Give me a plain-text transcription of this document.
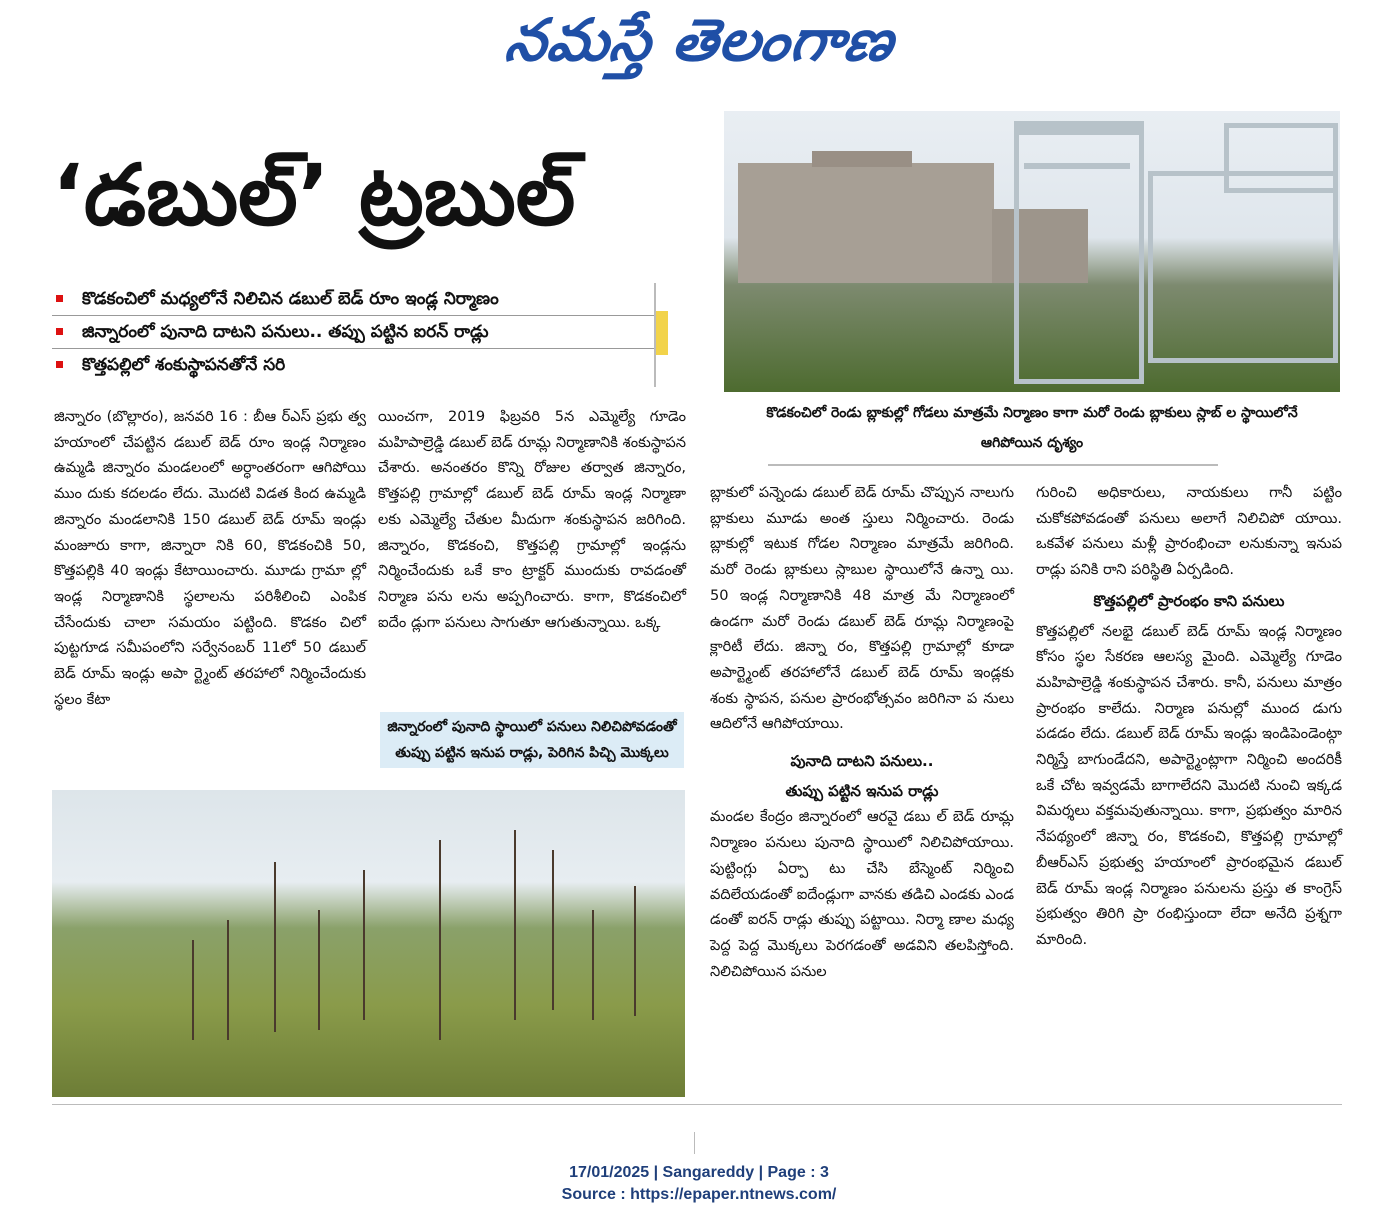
నమస్తే తెలంగాణ
‘డబుల్’ ట్రబుల్
కొడకంచిలో మధ్యలోనే నిలిచిన డబుల్ బెడ్ రూం ఇండ్ల నిర్మాణం
జిన్నారంలో పునాది దాటని పనులు.. తప్పు పట్టిన ఐరన్ రాడ్లు
కొత్తపల్లిలో శంకుస్థాపనతోనే సరి
కొడకంచిలో రెండు బ్లాకుల్లో గోడలు మాత్రమే నిర్మాణం కాగా మరో రెండు బ్లాకులు స్లాబ్ ల స్థాయిలోనే ఆగిపోయిన దృశ్యం

జిన్నారం (బొల్లారం), జనవరి 16 : బీఆ ర్ఎస్ ప్రభు త్వ హయాంలో చేపట్టిన డబుల్ బెడ్ రూం ఇండ్ల నిర్మాణం ఉమ్మడి జిన్నారం మండలంలో అర్ధాంతరంగా ఆగిపోయి ముం దుకు కదలడం లేదు. మొదటి విడత కింద ఉమ్మడి జిన్నారం మండలానికి 150 డబుల్ బెడ్ రూమ్ ఇండ్లు మంజూరు కాగా, జిన్నారా నికి 60, కొడకంచికి 50, కొత్తపల్లికి 40 ఇండ్లు కేటాయించారు. మూడు గ్రామా ల్లో ఇండ్ల నిర్మాణానికి స్థలాలను పరిశీలించి ఎంపిక చేసేందుకు చాలా సమయం పట్టింది. కొడకం చిలో పుట్టగూడ సమీపంలోని సర్వేనంబర్ 11లో 50 డబుల్ బెడ్ రూమ్ ఇండ్లు అపా ర్ట్మెంట్ తరహాలో నిర్మించేందుకు స్థలం కేటా

యించగా, 2019 ఫిబ్రవరి 5న ఎమ్మెల్యే గూడెం మహిపాల్రెడ్డి డబుల్ బెడ్ రూమ్ల నిర్మాణానికి శంకుస్థాపన చేశారు. అనంతరం కొన్ని రోజుల తర్వాత జిన్నారం, కొత్తపల్లి గ్రామాల్లో డబుల్ బెడ్ రూమ్ ఇండ్ల నిర్మాణా లకు ఎమ్మెల్యే చేతుల మీదుగా శంకుస్థాపన జరిగింది. జిన్నారం, కొడకంచి, కొత్తపల్లి గ్రామాల్లో ఇండ్లను నిర్మించేందుకు ఒకే కాం ట్రాక్టర్ ముందుకు రావడంతో నిర్మాణ పను లను అప్పగించారు. కాగా, కొడకంచిలో ఐదేం డ్లుగా పనులు సాగుతూ ఆగుతున్నాయి. ఒక్క

జిన్నారంలో పునాది స్థాయిలో పనులు నిలిచిపోవడంతో తుప్పు పట్టిన ఇనుప రాడ్లు, పెరిగిన పిచ్చి మొక్కలు

బ్లాకులో పన్నెండు డబుల్ బెడ్ రూమ్ చొప్పున నాలుగు బ్లాకులు మూడు అంత స్తులు నిర్మించారు. రెండు బ్లాకుల్లో ఇటుక గోడల నిర్మాణం మాత్రమే జరిగింది. మరో రెండు బ్లాకులు స్లాబుల స్థాయిలోనే ఉన్నా యి. 50 ఇండ్ల నిర్మాణానికి 48 మాత్ర మే నిర్మాణంలో ఉండగా మరో రెండు డబుల్ బెడ్ రూమ్ల నిర్మాణంపై క్లారిటీ లేదు. జిన్నా రం, కొత్తపల్లి గ్రామాల్లో కూడా అపార్ట్మెంట్ తరహాలోనే డబుల్ బెడ్ రూమ్ ఇండ్లకు శంకు స్థాపన, పనుల ప్రారంభోత్సవం జరిగినా ప నులు ఆదిలోనే ఆగిపోయాయి.

పునాది దాటని పనులు..

తుప్పు పట్టిన ఇనుప రాడ్లు

మండల కేంద్రం జిన్నారంలో ఆరవై డబు ల్ బెడ్ రూమ్ల నిర్మాణం పనులు పునాది స్థాయిలో నిలిచిపోయాయి. పుట్టింగ్లు ఏర్పా టు చేసి బేస్మెంట్ నిర్మించి వదిలేయడంతో ఐదేండ్లుగా వానకు తడిచి ఎండకు ఎండ డంతో ఐరన్ రాడ్లు తుప్పు పట్టాయి. నిర్మా ణాల మధ్య పెద్ద పెద్ద మొక్కలు పెరగడంతో అడవిని తలపిస్తోంది. నిలిచిపోయిన పనుల

గురించి అధికారులు, నాయకులు గానీ పట్టిం చుకోకపోవడంతో పనులు అలాగే నిలిచిపో యాయి. ఒకవేళ పనులు మళ్లీ ప్రారంభించా లనుకున్నా ఇనుప రాడ్లు పనికి రాని పరిస్థితి ఏర్పడింది.

కొత్తపల్లిలో ప్రారంభం కాని పనులు

కొత్తపల్లిలో నలభై డబుల్ బెడ్ రూమ్ ఇండ్ల నిర్మాణం కోసం స్థల సేకరణ ఆలస్య మైంది. ఎమ్మెల్యే గూడెం మహిపాల్రెడ్డి శంకుస్థాపన చేశారు. కానీ, పనులు మాత్రం ప్రారంభం కాలేదు. నిర్మాణ పనుల్లో ముంద డుగు పడడం లేదు. డబుల్ బెడ్ రూమ్ ఇండ్లు ఇండిపెండెంట్గా నిర్మిస్తే బాగుండేదని, అపార్ట్మెంట్లాగా నిర్మించి అందరికీ ఒకే చోట ఇవ్వడమే బాగాలేదని మొదటి నుంచి ఇక్కడ విమర్శలు వక్తమవుతున్నాయి. కాగా, ప్రభుత్వం మారిన నేపథ్యంలో జిన్నా రం, కొడకంచి, కొత్తపల్లి గ్రామాల్లో బీఆర్ఎస్ ప్రభుత్వ హయాంలో ప్రారంభమైన డబుల్ బెడ్ రూమ్ ఇండ్ల నిర్మాణం పనులను ప్రస్తు త కాంగ్రెస్ ప్రభుత్వం తిరిగి ప్రా రంభిస్తుందా లేదా అనేది ప్రశ్నగా మారింది.

17/01/2025 | Sangareddy | Page : 3
Source : https://epaper.ntnews.com/
